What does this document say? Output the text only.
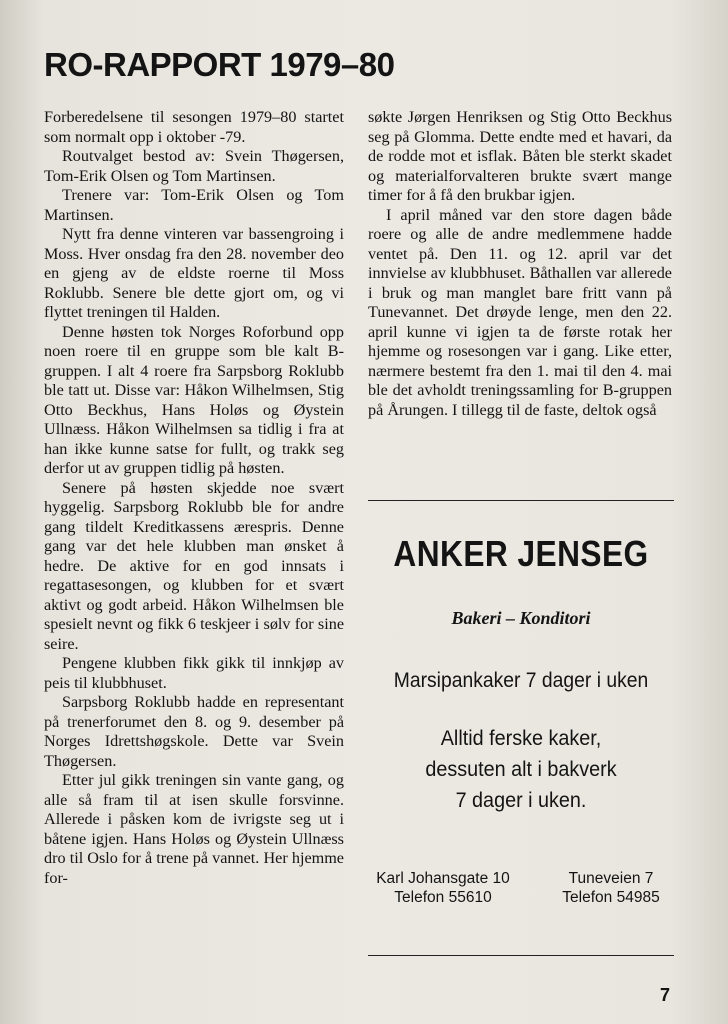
RO-RAPPORT 1979–80

Forberedelsene til sesongen 1979–80 startet som normalt opp i oktober -79.

Routvalget bestod av: Svein Thøgersen, Tom-Erik Olsen og Tom Martinsen.

Trenere var: Tom-Erik Olsen og Tom Martinsen.

Nytt fra denne vinteren var bassengroing i Moss. Hver onsdag fra den 28. november deo en gjeng av de eldste roerne til Moss Roklubb. Senere ble dette gjort om, og vi flyttet treningen til Halden.

Denne høsten tok Norges Roforbund opp noen roere til en gruppe som ble kalt B-gruppen. I alt 4 roere fra Sarpsborg Roklubb ble tatt ut. Disse var: Håkon Wilhelmsen, Stig Otto Beckhus, Hans Holøs og Øystein Ullnæss. Håkon Wilhelmsen sa tidlig i fra at han ikke kunne satse for fullt, og trakk seg derfor ut av gruppen tidlig på høsten.

Senere på høsten skjedde noe svært hyggelig. Sarpsborg Roklubb ble for andre gang tildelt Kreditkassens ærespris. Denne gang var det hele klubben man ønsket å hedre. De aktive for en god innsats i regattasesongen, og klubben for et svært aktivt og godt arbeid. Håkon Wilhelmsen ble spesielt nevnt og fikk 6 teskjeer i sølv for sine seire.

Pengene klubben fikk gikk til innkjøp av peis til klubbhuset.

Sarpsborg Roklubb hadde en representant på trenerforumet den 8. og 9. desember på Norges Idrettshøgskole. Dette var Svein Thøgersen.

Etter jul gikk treningen sin vante gang, og alle så fram til at isen skulle forsvinne. Allerede i påsken kom de ivrigste seg ut i båtene igjen. Hans Holøs og Øystein Ullnæss dro til Oslo for å trene på vannet. Her hjemme for-

søkte Jørgen Henriksen og Stig Otto Beckhus seg på Glomma. Dette endte med et havari, da de rodde mot et isflak. Båten ble sterkt skadet og materialforvalteren brukte svært mange timer for å få den brukbar igjen.

I april måned var den store dagen både roere og alle de andre medlemmene hadde ventet på. Den 11. og 12. april var det innvielse av klubbhuset. Båthallen var allerede i bruk og man manglet bare fritt vann på Tunevannet. Det drøyde lenge, men den 22. april kunne vi igjen ta de første rotak her hjemme og rosesongen var i gang. Like etter, nærmere bestemt fra den 1. mai til den 4. mai ble det avholdt treningssamling for B-gruppen på Årungen. I tillegg til de faste, deltok også

ANKER JENSEG
Bakeri – Konditori
Marsipankaker 7 dager i uken
Alltid ferske kaker,
dessuten alt i bakverk
7 dager i uken.
Karl Johansgate 10
Telefon 55610
Tuneveien 7
Telefon 54985
7
